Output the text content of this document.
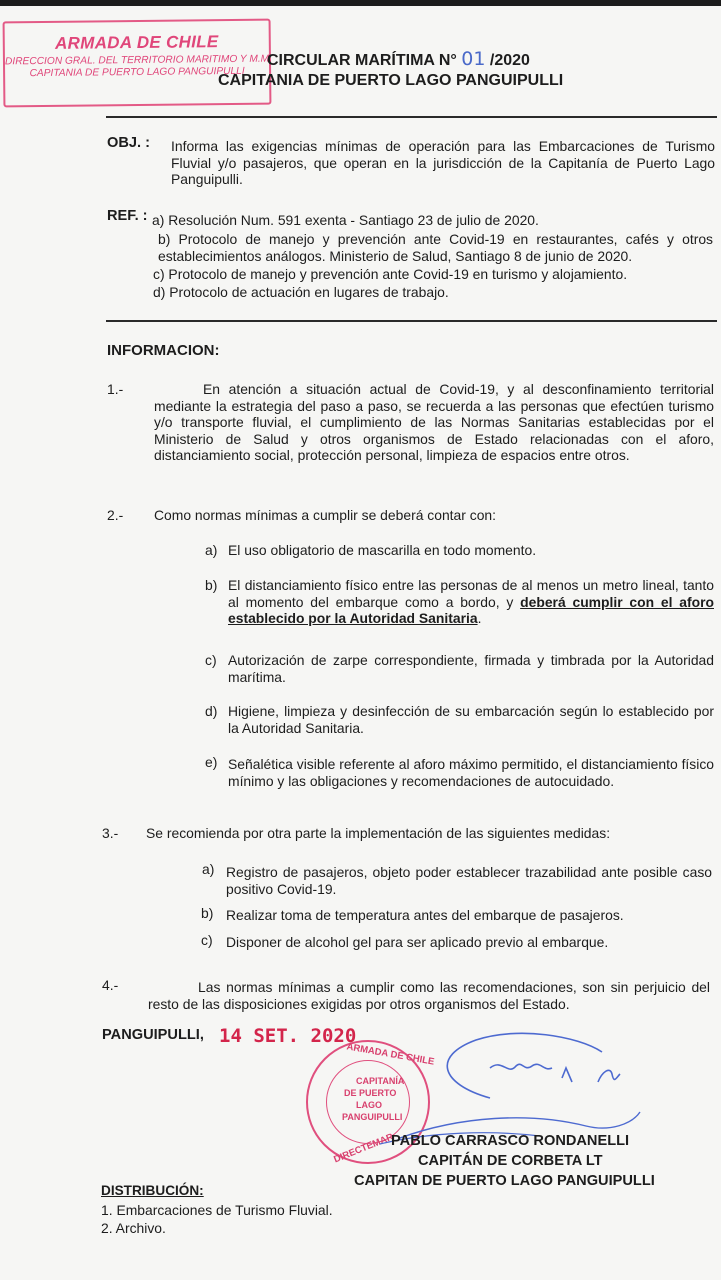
ARMADA DE CHILE
DIRECCION GRAL. DEL TERRITORIO MARITIMO Y M.M.
CAPITANIA DE PUERTO LAGO PANGUIPULLI
CIRCULAR MARÍTIMA N° 01 /2020
CAPITANIA DE PUERTO LAGO PANGUIPULLI
OBJ. : Informa las exigencias mínimas de operación para las Embarcaciones de Turismo Fluvial y/o pasajeros, que operan en la jurisdicción de la Capitanía de Puerto Lago Panguipulli.
REF. : a) Resolución Num. 591 exenta - Santiago 23 de julio de 2020.
b) Protocolo de manejo y prevención ante Covid-19 en restaurantes, cafés y otros establecimientos análogos. Ministerio de Salud, Santiago 8 de junio de 2020.
c) Protocolo de manejo y prevención ante Covid-19 en turismo y alojamiento.
d) Protocolo de actuación en lugares de trabajo.
INFORMACION:
1.-	En atención a situación actual de Covid-19, y al desconfinamiento territorial mediante la estrategia del paso a paso, se recuerda a las personas que efectúen turismo y/o transporte fluvial, el cumplimiento de las Normas Sanitarias establecidas por el Ministerio de Salud y otros organismos de Estado relacionadas con el aforo, distanciamiento social, protección personal, limpieza de espacios entre otros.
2.- Como normas mínimas a cumplir se deberá contar con:
a) El uso obligatorio de mascarilla en todo momento.
b) El distanciamiento físico entre las personas de al menos un metro lineal, tanto al momento del embarque como a bordo, y deberá cumplir con el aforo establecido por la Autoridad Sanitaria.
c) Autorización de zarpe correspondiente, firmada y timbrada por la Autoridad marítima.
d) Higiene, limpieza y desinfección de su embarcación según lo establecido por la Autoridad Sanitaria.
e) Señalética visible referente al aforo máximo permitido, el distanciamiento físico mínimo y las obligaciones y recomendaciones de autocuidado.
3.- Se recomienda por otra parte la implementación de las siguientes medidas:
a) Registro de pasajeros, objeto poder establecer trazabilidad ante posible caso positivo Covid-19.
b) Realizar toma de temperatura antes del embarque de pasajeros.
c) Disponer de alcohol gel para ser aplicado previo al embarque.
4.-	Las normas mínimas a cumplir como las recomendaciones, son sin perjuicio del resto de las disposiciones exigidas por otros organismos del Estado.
PANGUIPULLI, 14 SET. 2020
ARMADA DE CHILE
CAPITANÍA
DE PUERTO
LAGO
PANGUIPULLI
DIRECTEMAR
PABLO CARRASCO RONDANELLI
CAPITÁN DE CORBETA LT
CAPITAN DE PUERTO LAGO PANGUIPULLI
DISTRIBUCIÓN:
1. Embarcaciones de Turismo Fluvial.
2. Archivo.
